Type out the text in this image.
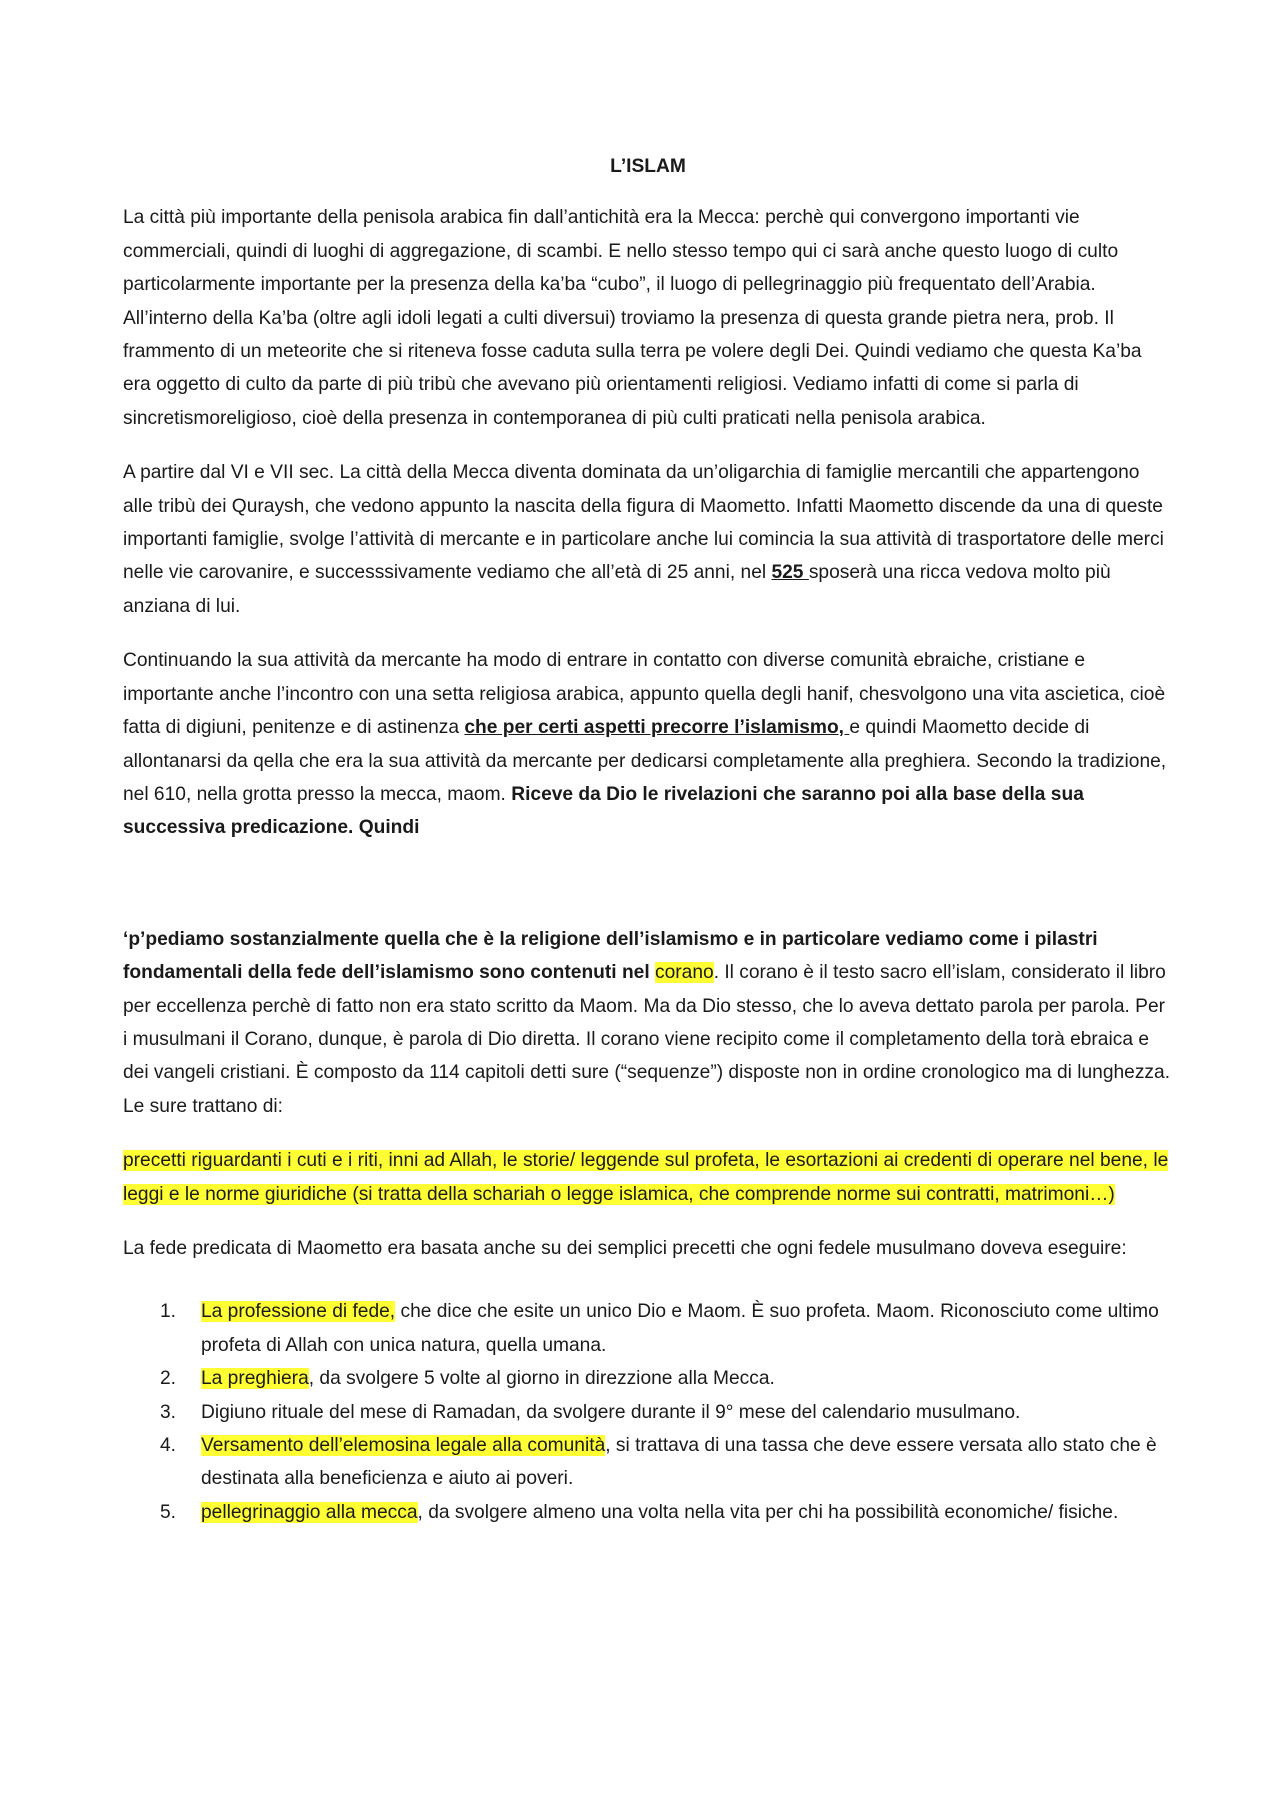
L’ISLAM

La città più importante della penisola arabica fin dall’antichità era la Mecca: perchè qui convergono importanti vie commerciali, quindi di luoghi di aggregazione, di scambi. E nello stesso tempo qui ci sarà anche questo luogo di culto particolarmente importante per la presenza della ka’ba “cubo”, il luogo di pellegrinaggio più frequentato dell’Arabia. All’interno della Ka’ba (oltre agli idoli legati a culti diversui) troviamo la presenza di questa grande pietra nera, prob. Il frammento di un meteorite che si riteneva fosse caduta sulla terra pe volere degli Dei. Quindi vediamo che questa Ka’ba era oggetto di culto da parte di più tribù che avevano più orientamenti religiosi. Vediamo infatti di come si parla di sincretismoreligioso, cioè della presenza in contemporanea di più culti praticati nella penisola arabica.

A partire dal VI e VII sec. La città della Mecca diventa dominata da un’oligarchia di famiglie mercantili che appartengono alle tribù dei Quraysh, che vedono appunto la nascita della figura di Maometto. Infatti Maometto discende da una di queste importanti famiglie, svolge l’attività di mercante e in particolare anche lui comincia la sua attività di trasportatore delle merci nelle vie carovanire, e successsivamente vediamo che all’età di 25 anni, nel 525 sposerà una ricca vedova molto più anziana di lui.

Continuando la sua attività da mercante ha modo di entrare in contatto con diverse comunità ebraiche, cristiane e importante anche l’incontro con una setta religiosa arabica, appunto quella degli hanif, chesvolgono una vita ascietica, cioè fatta di digiuni, penitenze e di astinenza che per certi aspetti precorre l’islamismo, e quindi Maometto decide di allontanarsi da qella che era la sua attività da mercante per dedicarsi completamente alla preghiera. Secondo la tradizione, nel 610, nella grotta presso la mecca, maom. Riceve da Dio le rivelazioni che saranno poi alla base della sua successiva predicazione. Quindi

‘p’pediamo sostanzialmente quella che è la religione dell’islamismo e in particolare vediamo come i pilastri fondamentali della fede dell’islamismo sono contenuti nel corano. Il corano è il testo sacro ell’islam, considerato il libro per eccellenza perchè di fatto non era stato scritto da Maom. Ma da Dio stesso, che lo aveva dettato parola per parola. Per i musulmani il Corano, dunque, è parola di Dio diretta. Il corano viene recipito come il completamento della torà ebraica e dei vangeli cristiani. È composto da 114 capitoli detti sure (“sequenze”) disposte non in ordine cronologico ma di lunghezza. Le sure trattano di:

precetti riguardanti i cuti e i riti, inni ad Allah, le storie/ leggende sul profeta, le esortazioni ai credenti di operare nel bene, le leggi e le norme giuridiche (si tratta della schariah o legge islamica, che comprende norme sui contratti, matrimoni…)

La fede predicata di Maometto era basata anche su dei semplici precetti che ogni fedele musulmano doveva eseguire:

1.	La professione di fede, che dice che esite un unico Dio e Maom. È suo profeta. Maom. Riconosciuto come ultimo profeta di Allah con unica natura, quella umana.
2.	La preghiera, da svolgere 5 volte al giorno in direzzione alla Mecca.
3.	Digiuno rituale del mese di Ramadan, da svolgere durante il 9° mese del calendario musulmano.
4.	Versamento dell’elemosina legale alla comunità, si trattava di una tassa che deve essere versata allo stato che è destinata alla beneficienza e aiuto ai poveri.
5.	pellegrinaggio alla mecca, da svolgere almeno una volta nella vita per chi ha possibilità economiche/ fisiche.
